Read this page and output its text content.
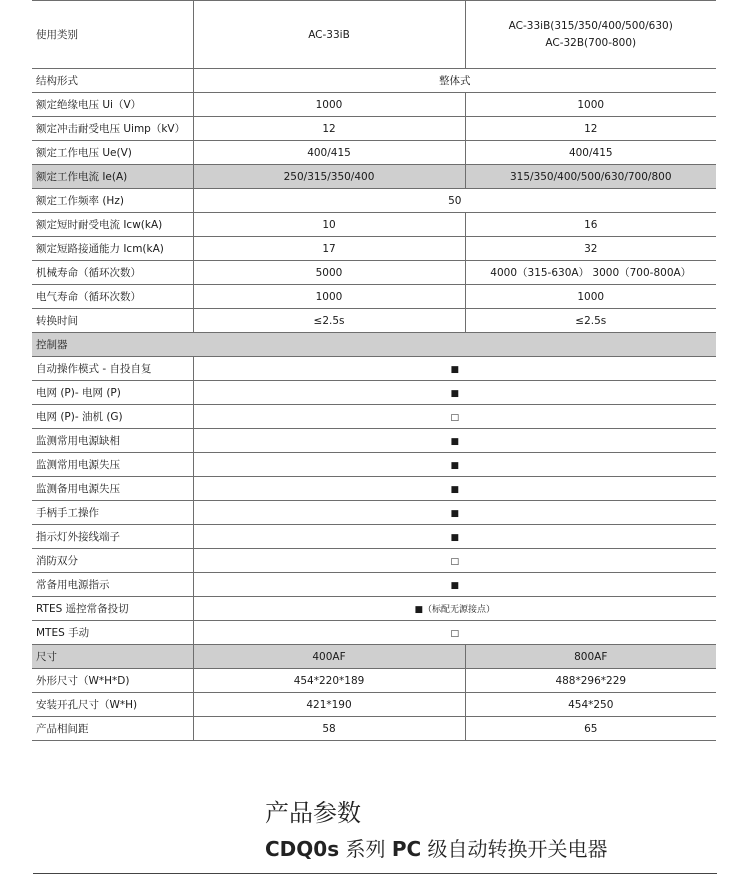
使用类别	AC-33iB	AC-33iB(315/350/400/500/630)
AC-32B(700-800)

结构形式	整体式	
额定绝缘电压 Ui（V）	1000	1000
额定冲击耐受电压 Uimp（kV）	12	12
额定工作电压 Ue(V)	400/415	400/415
额定工作电流 Ie(A)	250/315/350/400	315/350/400/500/630/700/800
额定工作频率 (Hz)	50	
额定短时耐受电流 Icw(kA)	10	16
额定短路接通能力 Icm(kA)	17	32
机械寿命（循环次数）	5000	4000（315-630A） 3000（700-800A）
电气寿命（循环次数）	1000	1000
转换时间	≤2.5s	≤2.5s
控制器		
自动操作模式 - 自投自复	■	
电网 (P)- 电网 (P)	■	
电网 (P)- 油机 (G)	□	
监测常用电源缺相	■	
监测常用电源失压	■	
监测备用电源失压	■	
手柄手工操作	■	
指示灯外接线端子	■	
消防双分	□	
常备用电源指示	■	
RTES 遥控常备投切	■（标配无源接点）	
MTES 手动	□	
尺寸	400AF	800AF
外形尺寸（W*H*D)	454*220*189	488*296*229
安装开孔尺寸（W*H)	421*190	454*250
产品相间距	58	65
产品参数
CDQ0s 系列 PC 级自动转换开关电器
